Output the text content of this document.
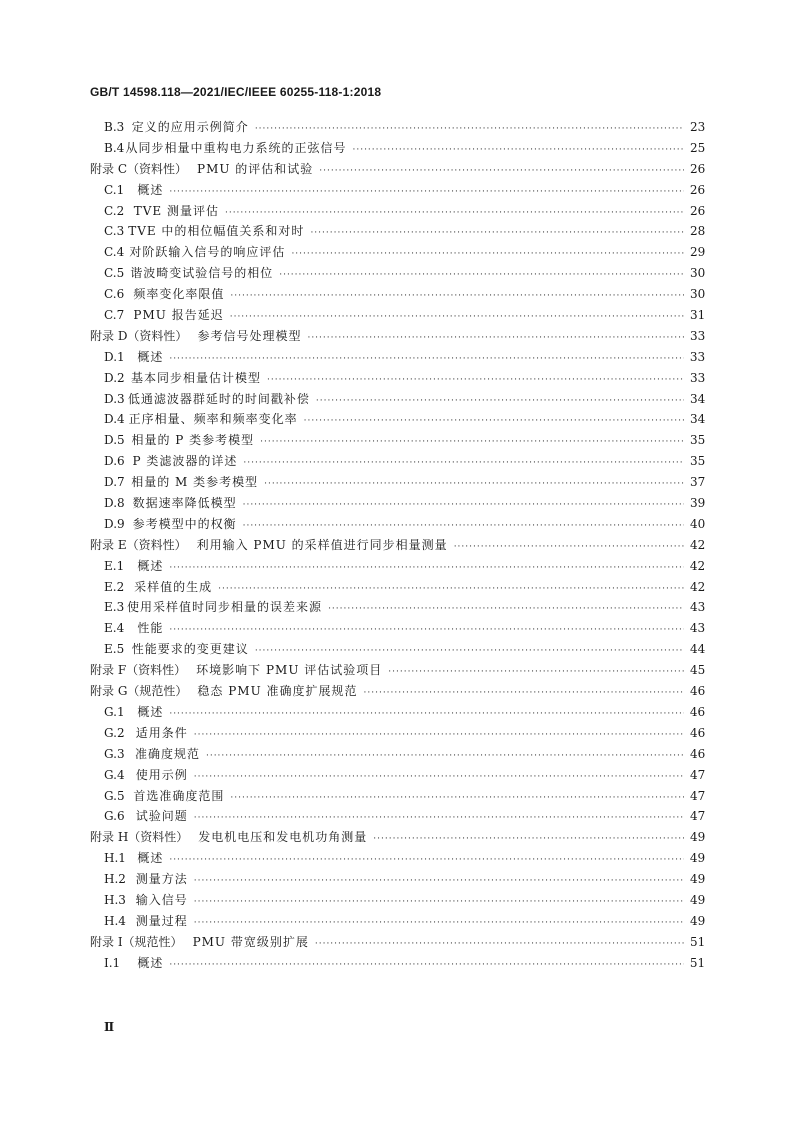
GB/T 14598.118—2021/IEC/IEEE 60255-118-1:2018
B.3 定义的应用示例简介 ·····	23
B.4 从同步相量中重构电力系统的正弦信号 ·····	25
附录 C（资料性） PMU 的评估和试验 ·····	26
C.1	概述 ·····	26
C.2 TVE 测量评估 ·····	26
C.3 TVE 中的相位幅值关系和对时 ·····	28
C.4 对阶跃输入信号的响应评估 ·····	29
C.5 谐波畸变试验信号的相位 ·····	30
C.6 频率变化率限值 ·····	30
C.7 PMU 报告延迟 ·····	31
附录 D（资料性） 参考信号处理模型 ·····	33
D.1	概述 ·····	33
D.2 基本同步相量估计模型 ·····	33
D.3 低通滤波器群延时的时间戳补偿 ·····	34
D.4 正序相量、频率和频率变化率 ·····	34
D.5 相量的 P 类参考模型 ·····	35
D.6 P 类滤波器的详述 ·····	35
D.7 相量的 M 类参考模型 ·····	37
D.8 数据速率降低模型 ·····	39
D.9 参考模型中的权衡 ·····	40
附录 E（资料性） 利用输入 PMU 的采样值进行同步相量测量 ·····	42
E.1	概述 ·····	42
E.2 采样值的生成 ·····	42
E.3 使用采样值时同步相量的误差来源 ·····	43
E.4	性能 ·····	43
E.5 性能要求的变更建议 ·····	44
附录 F（资料性） 环境影响下 PMU 评估试验项目 ·····	45
附录 G（规范性） 稳态 PMU 准确度扩展规范 ·····	46
G.1	概述 ·····	46
G.2 适用条件 ·····	46
G.3 准确度规范 ·····	46
G.4 使用示例 ·····	47
G.5 首选准确度范围 ·····	47
G.6 试验问题 ·····	47
附录 H（资料性） 发电机电压和发电机功角测量 ·····	49
H.1 概述 ·····	49
H.2 测量方法 ·····	49
H.3 输入信号 ·····	49
H.4 测量过程 ·····	49
附录 I（规范性） PMU 带宽级别扩展 ·····	51
I.1	概述 ·····	51
Ⅱ
